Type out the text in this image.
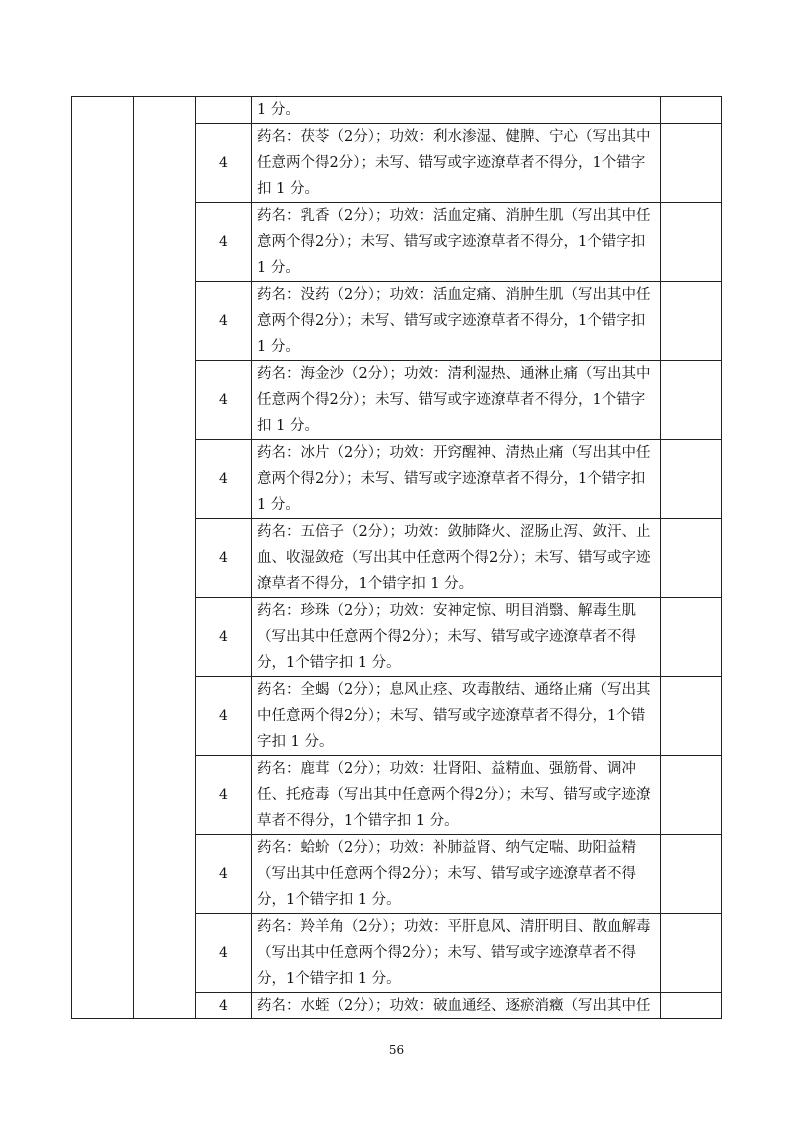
			1 分。	
		4	药名：茯苓（2分）；功效：利水渗湿、健脾、宁心（写出其中任意两个得2分）；未写、错写或字迹潦草者不得分，1个错字扣 1 分。	
		4	药名：乳香（2分）；功效：活血定痛、消肿生肌（写出其中任意两个得2分）；未写、错写或字迹潦草者不得分，1个错字扣 1 分。	
		4	药名：没药（2分）；功效：活血定痛、消肿生肌（写出其中任意两个得2分）；未写、错写或字迹潦草者不得分，1个错字扣 1 分。	
		4	药名：海金沙（2分）；功效：清利湿热、通淋止痛（写出其中任意两个得2分）；未写、错写或字迹潦草者不得分，1个错字扣 1 分。	
		4	药名：冰片（2分）；功效：开窍醒神、清热止痛（写出其中任意两个得2分）；未写、错写或字迹潦草者不得分，1个错字扣 1 分。	
		4	药名：五倍子（2分）；功效：敛肺降火、涩肠止泻、敛汗、止血、收湿敛疮（写出其中任意两个得2分）；未写、错写或字迹潦草者不得分，1个错字扣 1 分。	
		4	药名：珍珠（2分）；功效：安神定惊、明目消翳、解毒生肌（写出其中任意两个得2分）；未写、错写或字迹潦草者不得分，1个错字扣 1 分。	
		4	药名：全蝎（2分）；息风止痉、攻毒散结、通络止痛（写出其中任意两个得2分）；未写、错写或字迹潦草者不得分，1个错字扣 1 分。	
		4	药名：鹿茸（2分）；功效：壮肾阳、益精血、强筋骨、调冲任、托疮毒（写出其中任意两个得2分）；未写、错写或字迹潦草者不得分，1个错字扣 1 分。	
		4	药名：蛤蚧（2分）；功效：补肺益肾、纳气定喘、助阳益精（写出其中任意两个得2分）；未写、错写或字迹潦草者不得分，1个错字扣 1 分。	
		4	药名：羚羊角（2分）；功效：平肝息风、清肝明目、散血解毒（写出其中任意两个得2分）；未写、错写或字迹潦草者不得分，1个错字扣 1 分。	
		4	药名：水蛭（2分）；功效：破血通经、逐瘀消癥（写出其中任	

56
